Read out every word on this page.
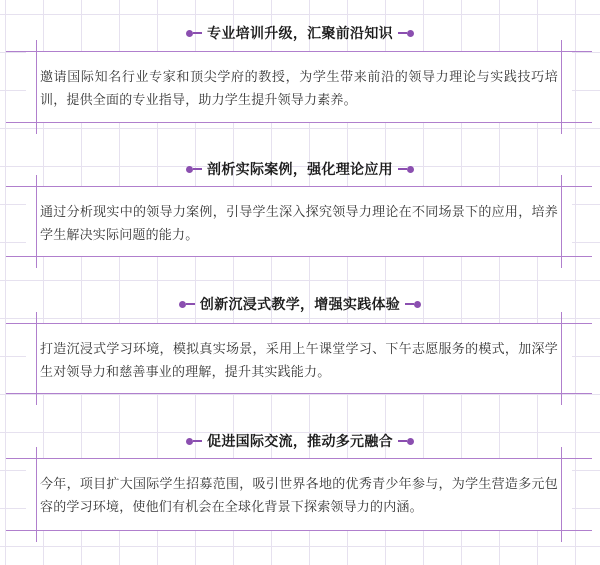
专业培训升级，汇聚前沿知识

邀请国际知名行业专家和顶尖学府的教授，为学生带来前沿的领导力理论与实践技巧培训，提供全面的专业指导，助力学生提升领导力素养。

剖析实际案例，强化理论应用

通过分析现实中的领导力案例，引导学生深入探究领导力理论在不同场景下的应用，培养学生解决实际问题的能力。

创新沉浸式教学，增强实践体验

打造沉浸式学习环境，模拟真实场景，采用上午课堂学习、下午志愿服务的模式，加深学生对领导力和慈善事业的理解，提升其实践能力。

促进国际交流，推动多元融合

今年，项目扩大国际学生招募范围，吸引世界各地的优秀青少年参与，为学生营造多元包容的学习环境，使他们有机会在全球化背景下探索领导力的内涵。
